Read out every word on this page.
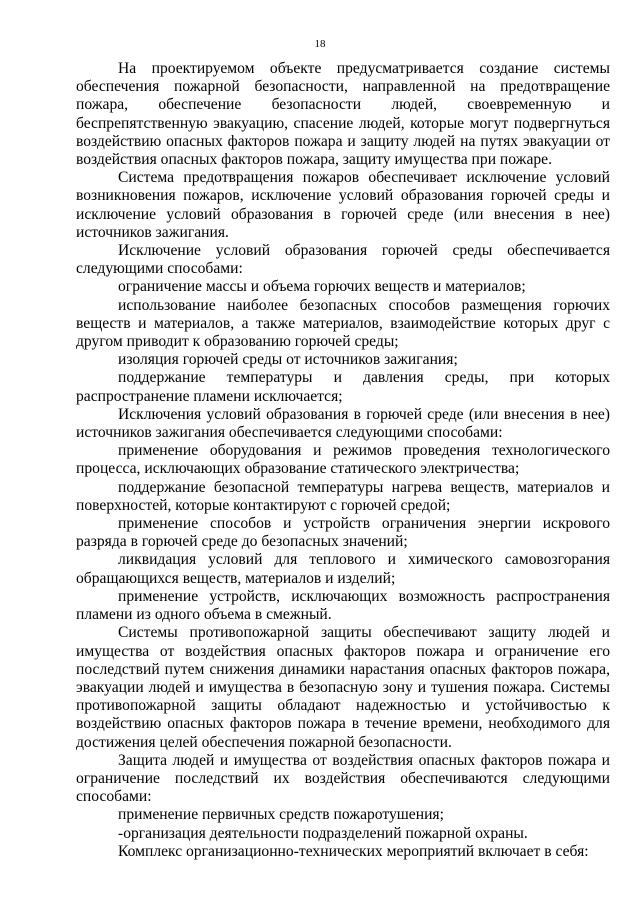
18

На проектируемом объекте предусматривается создание системы обеспечения пожарной безопасности, направленной на предотвращение пожара, обеспечение безопасности людей, своевременную и беспрепятственную эвакуацию, спасение людей, которые могут подвергнуться воздействию опасных факторов пожара и защиту людей на путях эвакуации от воздействия опасных факторов пожара, защиту имущества при пожаре.

Система предотвращения пожаров обеспечивает исключение условий возникновения пожаров, исключение условий образования горючей среды и исключение условий образования в горючей среде (или внесения в нее) источников зажигания.

Исключение условий образования горючей среды обеспечивается следующими способами:

ограничение массы и объема горючих веществ и материалов;

использование наиболее безопасных способов размещения горючих веществ и материалов, а также материалов, взаимодействие которых друг с другом приводит к образованию горючей среды;

изоляция горючей среды от источников зажигания;

поддержание температуры и давления среды, при которых распространение пламени исключается;

Исключения условий образования в горючей среде (или внесения в нее) источников зажигания обеспечивается следующими способами:

применение оборудования и режимов проведения технологического процесса, исключающих образование статического электричества;

поддержание безопасной температуры нагрева веществ, материалов и поверхностей, которые контактируют с горючей средой;

применение способов и устройств ограничения энергии искрового разряда в горючей среде до безопасных значений;

ликвидация условий для теплового и химического самовозгорания обращающихся веществ, материалов и изделий;

применение устройств, исключающих возможность распространения пламени из одного объема в смежный.

Системы противопожарной защиты обеспечивают защиту людей и имущества от воздействия опасных факторов пожара и ограничение его последствий путем снижения динамики нарастания опасных факторов пожара, эвакуации людей и имущества в безопасную зону и тушения пожара. Системы противопожарной защиты обладают надежностью и устойчивостью к воздействию опасных факторов пожара в течение времени, необходимого для достижения целей обеспечения пожарной безопасности.

Защита людей и имущества от воздействия опасных факторов пожара и ограничение последствий их воздействия обеспечиваются следующими способами:

применение первичных средств пожаротушения;

-организация деятельности подразделений пожарной охраны.

Комплекс организационно-технических мероприятий включает в себя:
